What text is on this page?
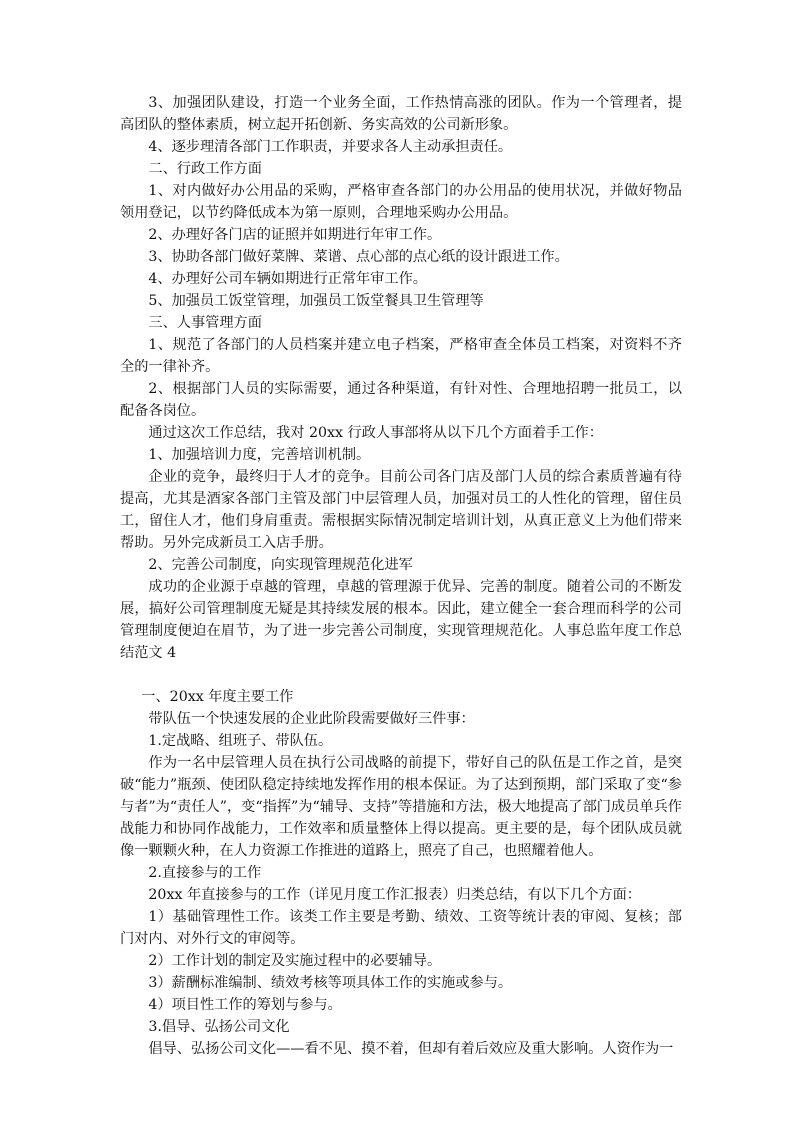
3、加强团队建设，打造一个业务全面，工作热情高涨的团队。作为一个管理者，提高团队的整体素质，树立起开拓创新、务实高效的公司新形象。

4、逐步理清各部门工作职责，并要求各人主动承担责任。

二、行政工作方面

1、对内做好办公用品的采购，严格审查各部门的办公用品的使用状况，并做好物品领用登记，以节约降低成本为第一原则，合理地采购办公用品。

2、办理好各门店的证照并如期进行年审工作。

3、协助各部门做好菜牌、菜谱、点心部的点心纸的设计跟进工作。

4、办理好公司车辆如期进行正常年审工作。

5、加强员工饭堂管理，加强员工饭堂餐具卫生管理等

三、人事管理方面

1、规范了各部门的人员档案并建立电子档案，严格审查全体员工档案，对资料不齐全的一律补齐。

2、根据部门人员的实际需要，通过各种渠道，有针对性、合理地招聘一批员工，以配备各岗位。

通过这次工作总结，我对 20xx 行政人事部将从以下几个方面着手工作：

1、加强培训力度，完善培训机制。

企业的竞争，最终归于人才的竞争。目前公司各门店及部门人员的综合素质普遍有待提高，尤其是酒家各部门主管及部门中层管理人员，加强对员工的人性化的管理，留住员工，留住人才，他们身肩重责。需根据实际情况制定培训计划，从真正意义上为他们带来帮助。另外完成新员工入店手册。

2、完善公司制度，向实现管理规范化进军

成功的企业源于卓越的管理，卓越的管理源于优异、完善的制度。随着公司的不断发展，搞好公司管理制度无疑是其持续发展的根本。因此，建立健全一套合理而科学的公司管理制度便迫在眉节，为了进一步完善公司制度，实现管理规范化。人事总监年度工作总结范文 4

一、20xx 年度主要工作

带队伍一个快速发展的企业此阶段需要做好三件事：

1.定战略、组班子、带队伍。

作为一名中层管理人员在执行公司战略的前提下，带好自己的队伍是工作之首，是突破“能力”瓶颈、使团队稳定持续地发挥作用的根本保证。为了达到预期，部门采取了变“参与者”为“责任人”，变“指挥”为“辅导、支持”等措施和方法，极大地提高了部门成员单兵作战能力和协同作战能力，工作效率和质量整体上得以提高。更主要的是，每个团队成员就像一颗颗火种，在人力资源工作推进的道路上，照亮了自己，也照耀着他人。

2.直接参与的工作

20xx 年直接参与的工作（详见月度工作汇报表）归类总结，有以下几个方面：

1）基础管理性工作。该类工作主要是考勤、绩效、工资等统计表的审阅、复核；部门对内、对外行文的审阅等。

2）工作计划的制定及实施过程中的必要辅导。

3）薪酬标准编制、绩效考核等项具体工作的实施或参与。

4）项目性工作的筹划与参与。

3.倡导、弘扬公司文化

倡导、弘扬公司文化——看不见、摸不着，但却有着后效应及重大影响。人资作为一
